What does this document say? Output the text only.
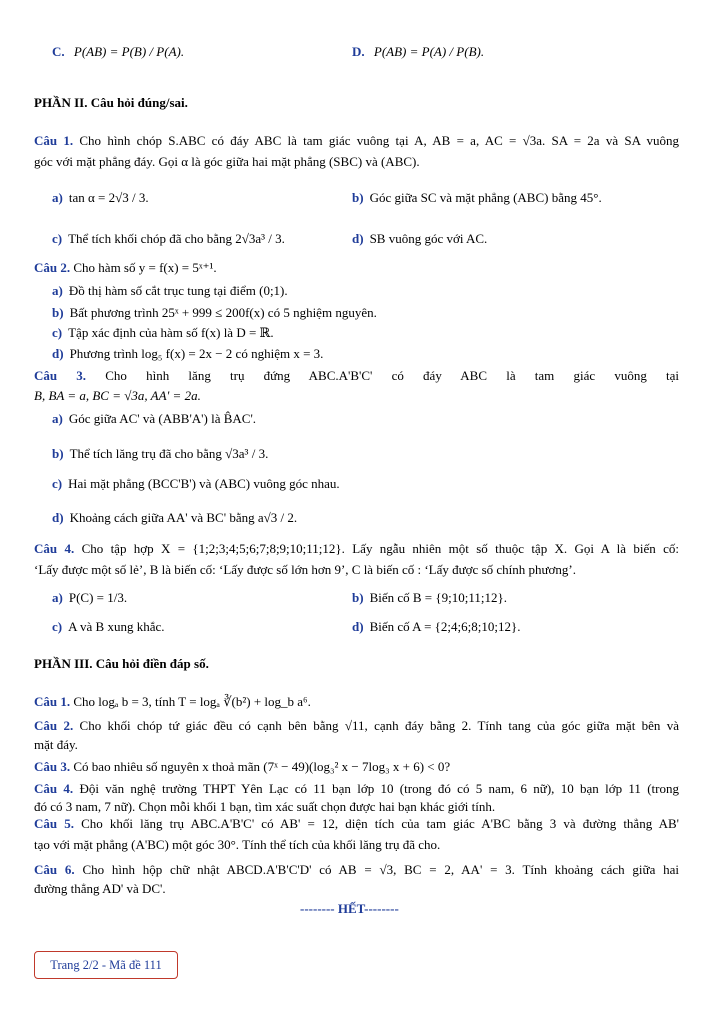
C. P(AB) = P(B) / P(A).	D. P(AB) = P(A) / P(B).
PHẦN II. Câu hỏi đúng/sai.
Câu 1. Cho hình chóp S.ABC có đáy ABC là tam giác vuông tại A, AB = a, AC = √3a. SA = 2a và SA vuông
góc với mặt phẳng đáy. Gọi α là góc giữa hai mặt phẳng (SBC) và (ABC).
a) tan α = 2√3 / 3.	b) Góc giữa SC và mặt phẳng (ABC) bằng 45°.
c) Thể tích khối chóp đã cho bằng 2√3a³ / 3.	d) SB vuông góc với AC.
Câu 2. Cho hàm số y = f(x) = 5ˣ⁺¹.
a) Đồ thị hàm số cắt trục tung tại điểm (0;1).
b) Bất phương trình 25ˣ + 999 ≤ 200f(x) có 5 nghiệm nguyên.
c) Tập xác định của hàm số f(x) là D = ℝ.
d) Phương trình log₅ f(x) = 2x − 2 có nghiệm x = 3.
Câu 3. Cho hình lăng trụ đứng ABC.A'B'C' có đáy ABC là tam giác vuông tại
B, BA = a, BC = √3a, AA' = 2a.
a) Góc giữa AC' và (ABB'A') là B̂AC'.
b) Thể tích lăng trụ đã cho bằng √3a³ / 3.
c) Hai mặt phẳng (BCC'B') và (ABC) vuông góc nhau.
d) Khoảng cách giữa AA' và BC' bằng a√3 / 2.
Câu 4. Cho tập hợp X = {1;2;3;4;5;6;7;8;9;10;11;12}. Lấy ngẫu nhiên một số thuộc tập X. Gọi A là biến cố:
‘Lấy được một số lẻ’, B là biến cố: ‘Lấy được số lớn hơn 9’, C là biến cố : ‘Lấy được số chính phương’.
a) P(C) = 1/3.	b) Biến cố B = {9;10;11;12}.
c) A và B xung khắc.	d) Biến cố A = {2;4;6;8;10;12}.
PHẦN III. Câu hỏi điền đáp số.
Câu 1. Cho logₐ b = 3, tính T = logₐ ∛(b²) + log_b a⁶.
Câu 2. Cho khối chóp tứ giác đều có cạnh bên bằng √11, cạnh đáy bằng 2. Tính tang của góc giữa mặt bên và
mặt đáy.
Câu 3. Có bao nhiêu số nguyên x thoả mãn (7ˣ − 49)(log₃² x − 7log₃ x + 6) < 0?
Câu 4. Đội văn nghệ trường THPT Yên Lạc có 11 bạn lớp 10 (trong đó có 5 nam, 6 nữ), 10 bạn lớp 11 (trong
đó có 3 nam, 7 nữ). Chọn mỗi khối 1 bạn, tìm xác suất chọn được hai bạn khác giới tính.
Câu 5. Cho khối lăng trụ ABC.A'B'C' có AB' = 12, diện tích của tam giác A'BC bằng 3 và đường thẳng AB'
tạo với mặt phẳng (A'BC) một góc 30°. Tính thể tích của khối lăng trụ đã cho.
Câu 6. Cho hình hộp chữ nhật ABCD.A'B'C'D' có AB = √3, BC = 2, AA' = 3. Tính khoảng cách giữa hai
đường thẳng AD' và DC'.
-------- HẾT--------
Trang 2/2 - Mã đề 111
